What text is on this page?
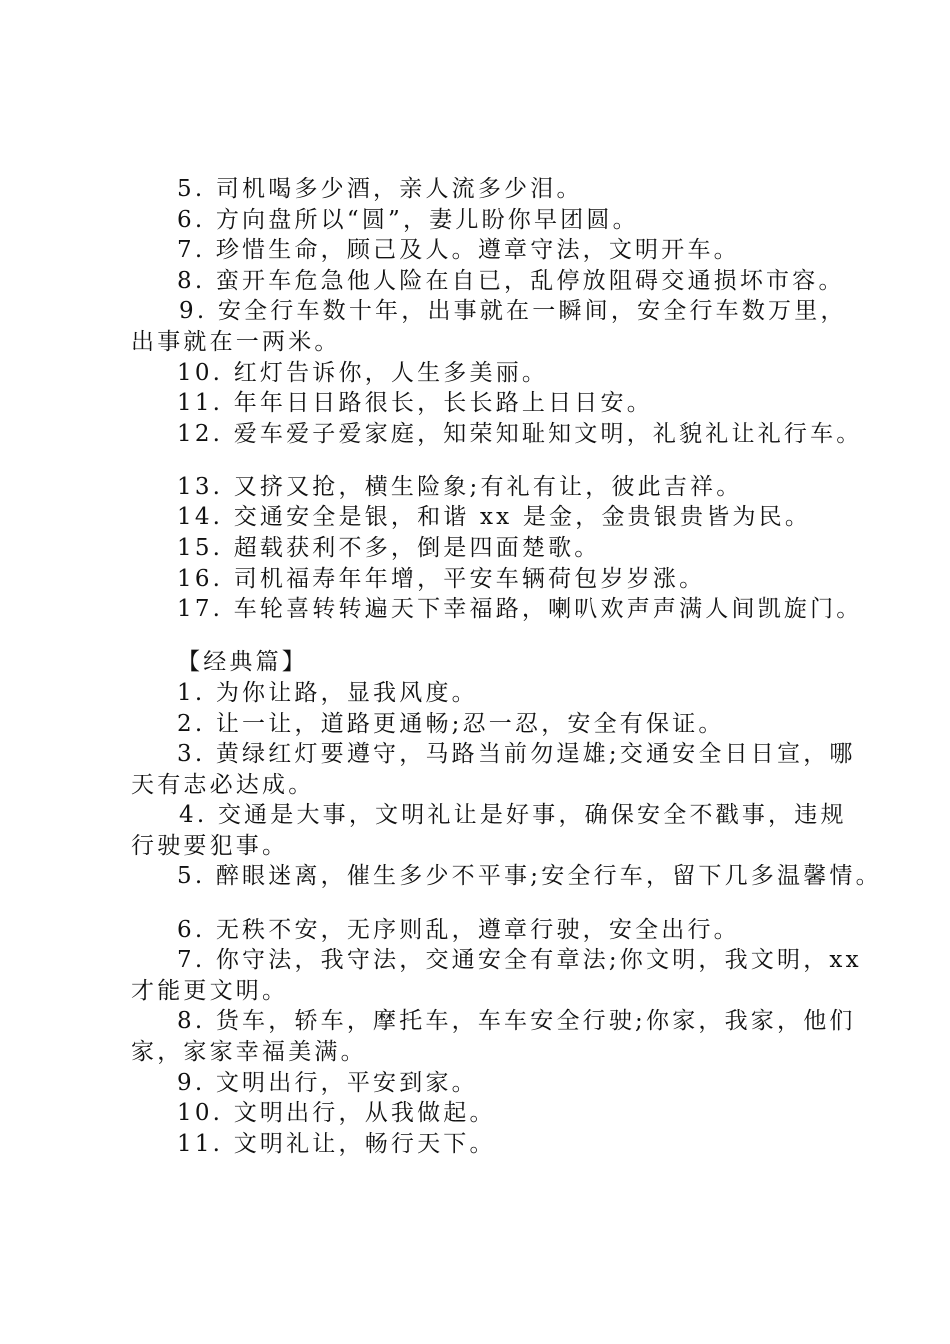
5. 司机喝多少酒，亲人流多少泪。
6. 方向盘所以“圆”，妻儿盼你早团圆。
7. 珍惜生命，顾己及人。遵章守法，文明开车。
8. 蛮开车危急他人险在自已，乱停放阻碍交通损坏市容。
9. 安全行车数十年，出事就在一瞬间，安全行车数万里，
出事就在一两米。
10. 红灯告诉你，人生多美丽。
11. 年年日日路很长，长长路上日日安。
12. 爱车爱子爱家庭，知荣知耻知文明，礼貌礼让礼行车。
13. 又挤又抢，横生险象;有礼有让，彼此吉祥。
14. 交通安全是银，和谐 xx 是金，金贵银贵皆为民。
15. 超载获利不多，倒是四面楚歌。
16. 司机福寿年年增，平安车辆荷包岁岁涨。
17. 车轮喜转转遍天下幸福路，喇叭欢声声满人间凯旋门。
【经典篇】
1. 为你让路，显我风度。
2. 让一让，道路更通畅;忍一忍，安全有保证。
3. 黄绿红灯要遵守，马路当前勿逞雄;交通安全日日宣，哪
天有志必达成。
4. 交通是大事，文明礼让是好事，确保安全不戳事，违规
行驶要犯事。
5. 醉眼迷离，催生多少不平事;安全行车，留下几多温馨情。
6. 无秩不安，无序则乱，遵章行驶，安全出行。
7. 你守法，我守法，交通安全有章法;你文明，我文明，xx
才能更文明。
8. 货车，轿车，摩托车，车车安全行驶;你家，我家，他们
家，家家幸福美满。
9. 文明出行，平安到家。
10. 文明出行，从我做起。
11. 文明礼让，畅行天下。
